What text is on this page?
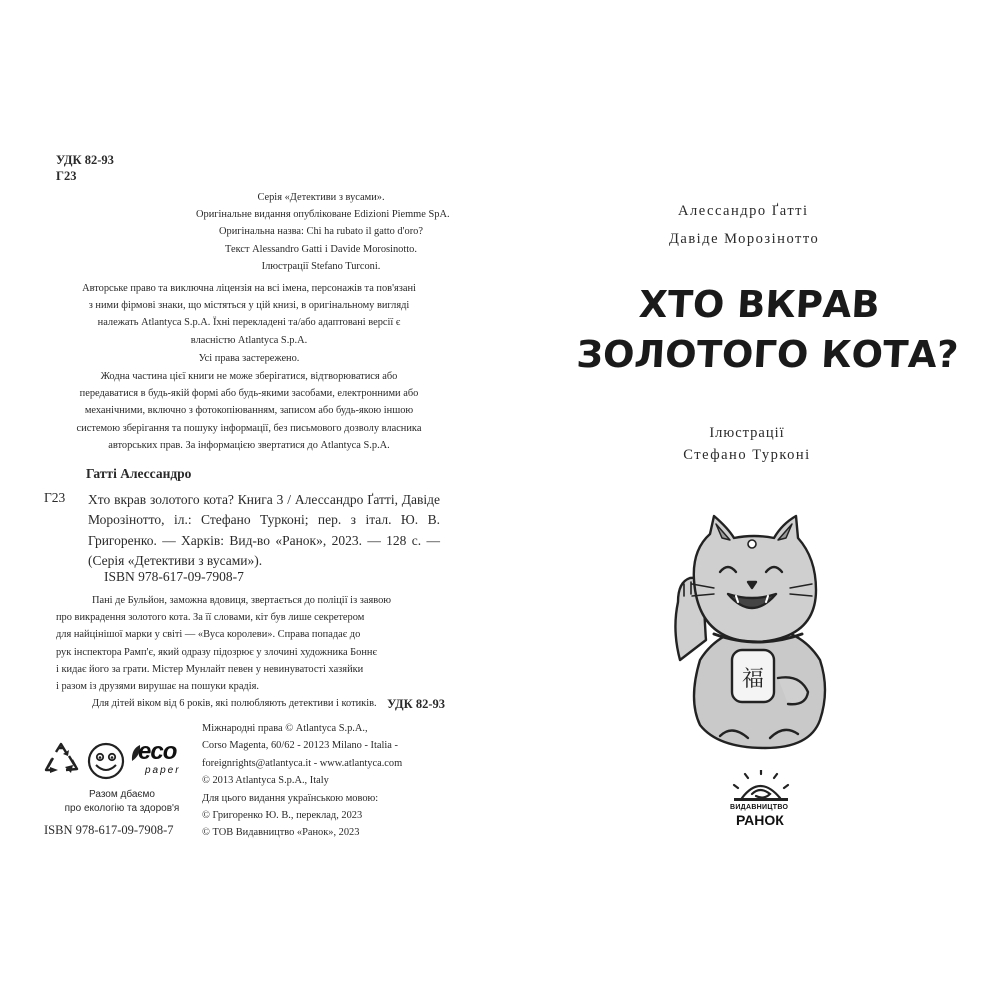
УДК 82-93
Г23
Серія «Детективи з вусами».
Оригінальне видання опубліковане Edizioni Piemme SpA.
Оригінальна назва: Chi ha rubato il gatto d'oro?
Текст Alessandro Gatti і Davide Morosinotto.
Ілюстрації Stefano Turconi.
Авторське право та виключна ліцензія на всі імена, персонажів та пов'язані
з ними фірмові знаки, що містяться у цій книзі, в оригінальному вигляді
належать Atlantyca S.p.A. Їхні перекладені та/або адаптовані версії є
власністю Atlantyca S.p.A.
Усі права застережено.
Жодна частина цієї книги не може зберігатися, відтворюватися або
передаватися в будь-якій формі або будь-якими засобами, електронними або
механічними, включно з фотокопіюванням, записом або будь-якою іншою
системою зберігання та пошуку інформації, без письмового дозволу власника
авторських прав. За інформацією звертатися до Atlantyca S.p.A.
Гатті Алессандро
Г23 Хто вкрав золотого кота? Книга 3 / Алессандро Ґатті, Давіде Морозінотто, іл.: Стефано Турконі; пер. з італ. Ю. В. Григоренко. — Харків: Вид-во «Ранок», 2023. — 128 с. — (Серія «Детективи з вусами»).
ISBN 978-617-09-7908-7
Пані де Бульйон, заможна вдовиця, звертається до поліції із заявою
про викрадення золотого кота. За її словами, кіт був лише секретером
для найцінішої марки у світі — «Вуса королеви». Справа попадає до
рук інспектора Рамп'є, який одразу підозрює у злочині художника Боннє
і кидає його за грати. Містер Мунлайт певен у невинуватості хазяйки
і разом із друзями вирушає на пошуки крадія.
Для дітей віком від 6 років, які полюбляють детективи і котиків. УДК 82-93
Міжнародні права © Atlantyca S.p.A.,
Corso Magenta, 60/62 - 20123 Milano - Italia -
foreignrights@atlantyca.it - www.atlantyca.com
© 2013 Atlantyca S.p.A., Italy
Для цього видання українською мовою:
© Григоренко Ю. В., переклад, 2023
© ТОВ Видавництво «Ранок», 2023
eco
paper
Разом дбаємо
про екологію та здоров'я
ISBN 978-617-09-7908-7
Алессандро Ґатті
Давіде Морозінотто
ХТО ВКРАВ
ЗОЛОТОГО КОТА?
Ілюстрації
Стефано Турконі
福
ВИДАВНИЦТВО
РАНОК
